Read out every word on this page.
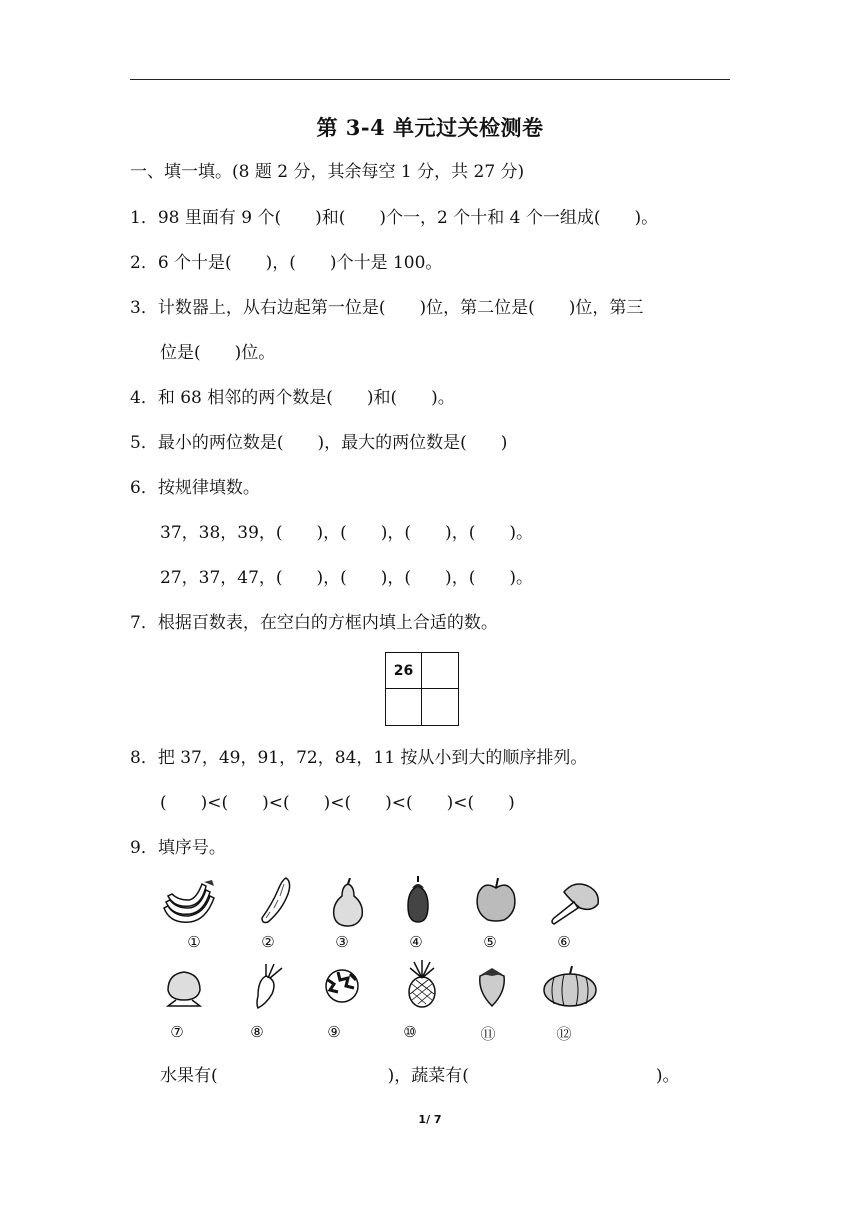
第 3-4 单元过关检测卷
一、填一填。(8 题 2 分，其余每空 1 分，共 27 分)
1．98 里面有 9 个(　　)和(　　)个一，2 个十和 4 个一组成(　　)。
2．6 个十是(　　)，(　　)个十是 100。
3．计数器上，从右边起第一位是(　　)位，第二位是(　　)位，第三
位是(　　)位。
4．和 68 相邻的两个数是(　　)和(　　)。
5．最小的两位数是(　　)，最大的两位数是(　　)
6．按规律填数。
37，38，39，(　　)，(　　)，(　　)，(　　)。
27，37，47，(　　)，(　　)，(　　)，(　　)。
7．根据百数表，在空白的方框内填上合适的数。
26
8．把 37，49，91，72，84，11 按从小到大的顺序排列。
(　　)<(　　)<(　　)<(　　)<(　　)<(　　)
9．填序号。
①	②	③	④	⑤	⑥
⑦	⑧	⑨	⑩	⑪	⑫
水果有(　　　　　　　　　　)，蔬菜有(　　　　　　　　　　　)。
1/ 7
